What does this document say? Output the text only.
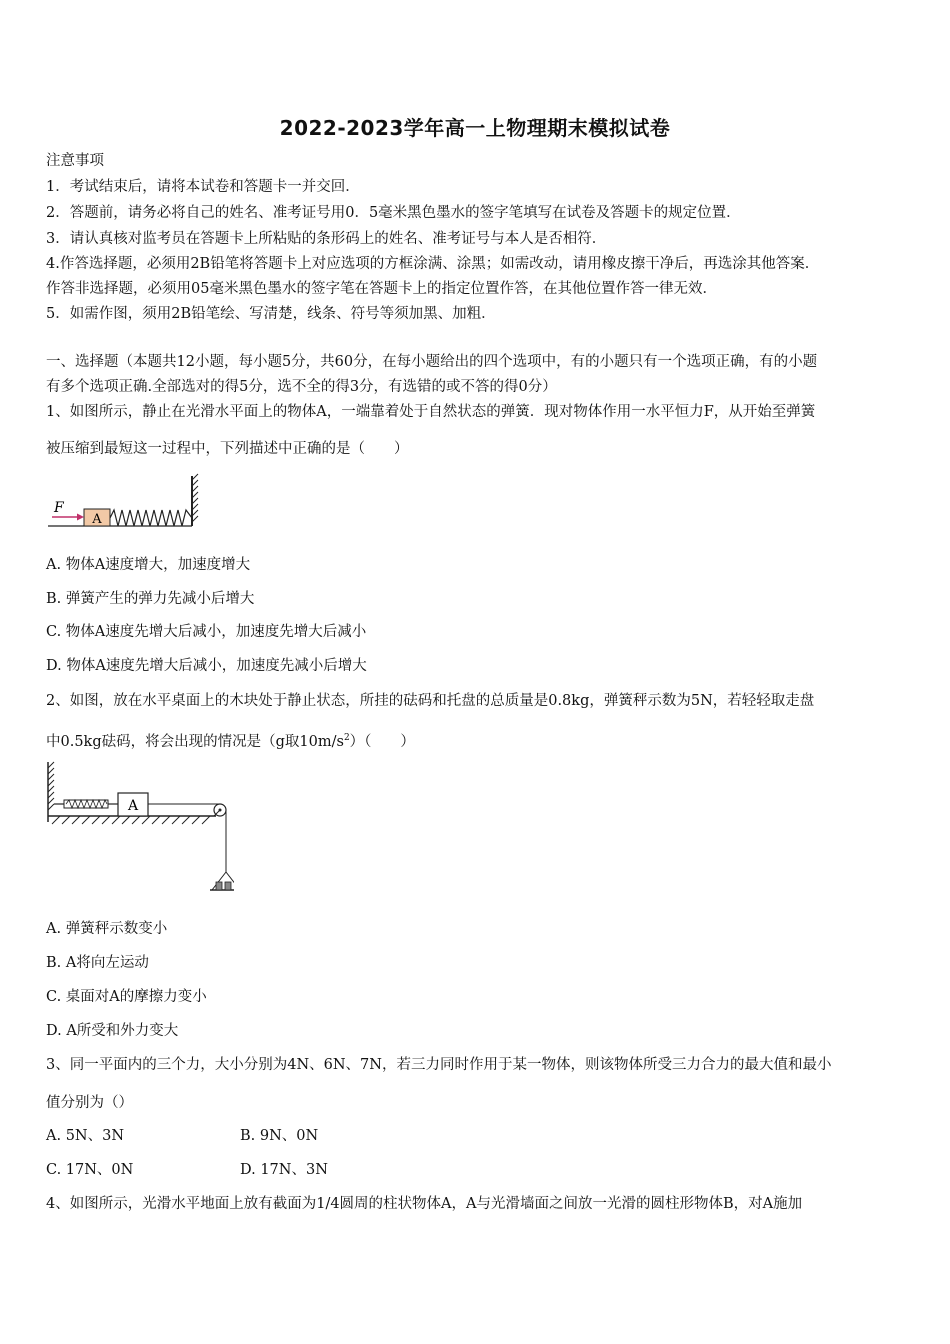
2022-2023学年高一上物理期末模拟试卷
注意事项
1．考试结束后，请将本试卷和答题卡一并交回．
2．答题前，请务必将自己的姓名、准考证号用0．5毫米黑色墨水的签字笔填写在试卷及答题卡的规定位置．
3．请认真核对监考员在答题卡上所粘贴的条形码上的姓名、准考证号与本人是否相符．
4.作答选择题，必须用2B铅笔将答题卡上对应选项的方框涂满、涂黑；如需改动，请用橡皮擦干净后，再选涂其他答案．
作答非选择题，必须用05毫米黑色墨水的签字笔在答题卡上的指定位置作答，在其他位置作答一律无效．
5．如需作图，须用2B铅笔绘、写清楚，线条、符号等须加黑、加粗．
一、选择题（本题共12小题，每小题5分，共60分，在每小题给出的四个选项中，有的小题只有一个选项正确，有的小题
有多个选项正确.全部选对的得5分，选不全的得3分，有选错的或不答的得0分）
1、如图所示，静止在光滑水平面上的物体A，一端靠着处于自然状态的弹簧．现对物体作用一水平恒力F，从开始至弹簧
被压缩到最短这一过程中，下列描述中正确的是（　　）
A
F
A. 物体A速度增大，加速度增大
B. 弹簧产生的弹力先减小后增大
C. 物体A速度先增大后减小，加速度先增大后减小
D. 物体A速度先增大后减小，加速度先减小后增大
2、如图，放在水平桌面上的木块处于静止状态，所挂的砝码和托盘的总质量是0.8kg，弹簧秤示数为5N，若轻轻取走盘
中0.5kg砝码，将会出现的情况是（g取$10m/s^2$）（　　）
A
A. 弹簧秤示数变小
B. A将向左运动
C. 桌面对A的摩擦力变小
D. A所受和外力变大
3、同一平面内的三个力，大小分别为4N、6N、7N，若三力同时作用于某一物体，则该物体所受三力合力的最大值和最小
值分别为（）
A. 5N、3N	B. 9N、0N
C. 17N、0N	D. 17N、3N
4、如图所示，光滑水平地面上放有截面为1/4圆周的柱状物体A，A与光滑墙面之间放一光滑的圆柱形物体B，对A施加
